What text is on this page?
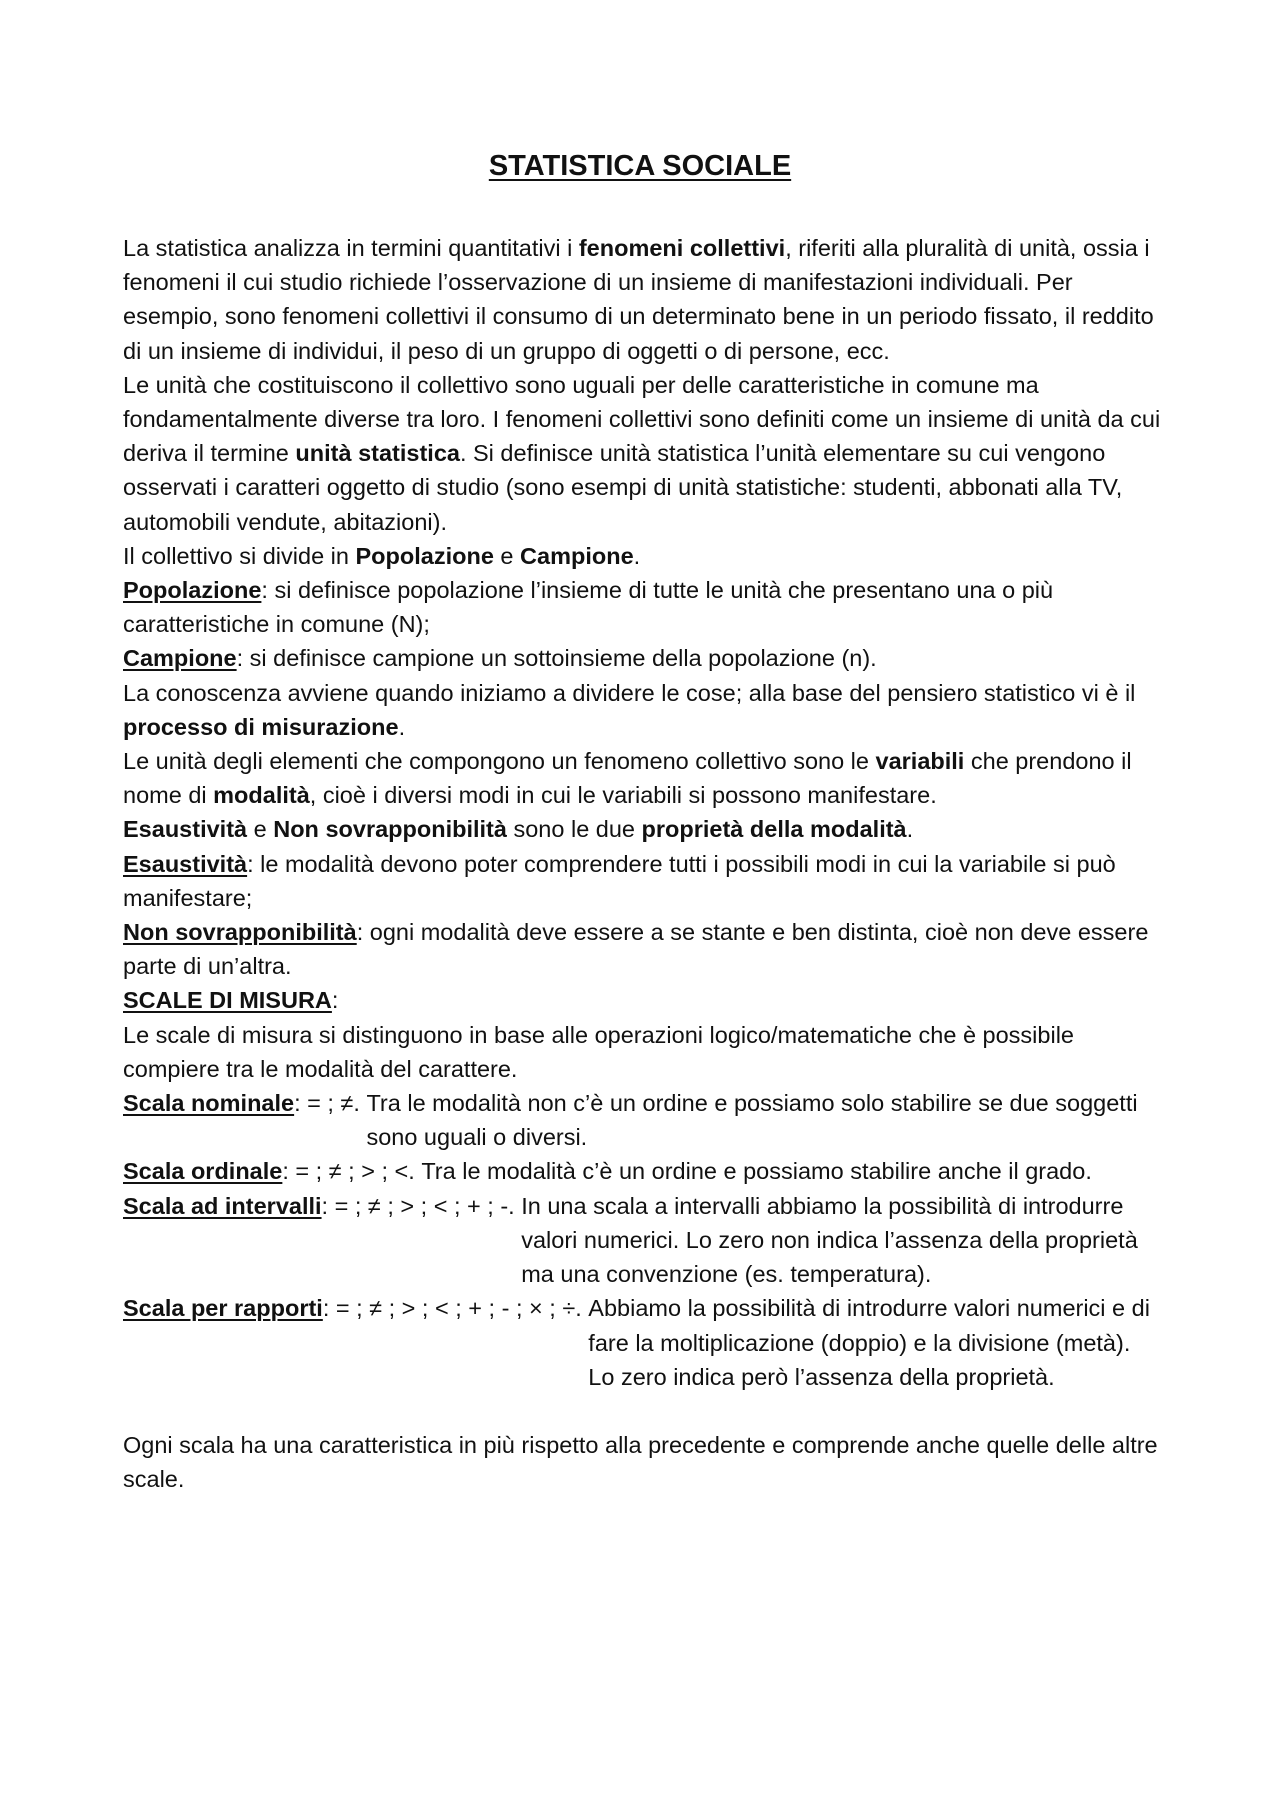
STATISTICA SOCIALE

La statistica analizza in termini quantitativi i fenomeni collettivi, riferiti alla pluralità di unità, ossia i fenomeni il cui studio richiede l’osservazione di un insieme di manifestazioni individuali. Per esempio, sono fenomeni collettivi il consumo di un determinato bene in un periodo fissato, il reddito di un insieme di individui, il peso di un gruppo di oggetti o di persone, ecc.

Le unità che costituiscono il collettivo sono uguali per delle caratteristiche in comune ma fondamentalmente diverse tra loro. I fenomeni collettivi sono definiti come un insieme di unità da cui deriva il termine unità statistica. Si definisce unità statistica l’unità elementare su cui vengono osservati i caratteri oggetto di studio (sono esempi di unità statistiche: studenti, abbonati alla TV, automobili vendute, abitazioni).

Il collettivo si divide in Popolazione e Campione.

Popolazione: si definisce popolazione l’insieme di tutte le unità che presentano una o più caratteristiche in comune (N);

Campione: si definisce campione un sottoinsieme della popolazione (n).

La conoscenza avviene quando iniziamo a dividere le cose; alla base del pensiero statistico vi è il processo di misurazione.

Le unità degli elementi che compongono un fenomeno collettivo sono le variabili che prendono il nome di modalità, cioè i diversi modi in cui le variabili si possono manifestare.

Esaustività e Non sovrapponibilità sono le due proprietà della modalità.

Esaustività: le modalità devono poter comprendere tutti i possibili modi in cui la variabile si può manifestare;

Non sovrapponibilità: ogni modalità deve essere a se stante e ben distinta, cioè non deve essere parte di un’altra.

SCALE DI MISURA:

Le scale di misura si distinguono in base alle operazioni logico/matematiche che è possibile compiere tra le modalità del carattere.

Scala nominale: = ; ≠. Tra le modalità non c’è un ordine e possiamo solo stabilire se due soggetti sono uguali o diversi.
Scala ordinale: = ; ≠ ; > ; <. Tra le modalità c’è un ordine e possiamo stabilire anche il grado.
Scala ad intervalli: = ; ≠ ; > ; < ; + ; -. In una scala a intervalli abbiamo la possibilità di introdurre valori numerici. Lo zero non indica l’assenza della proprietà ma una convenzione (es. temperatura).
Scala per rapporti: = ; ≠ ; > ; < ; + ; - ; × ; ÷. Abbiamo la possibilità di introdurre valori numerici e di fare la moltiplicazione (doppio) e la divisione (metà). Lo zero indica però l’assenza della proprietà.

Ogni scala ha una caratteristica in più rispetto alla precedente e comprende anche quelle delle altre scale.
